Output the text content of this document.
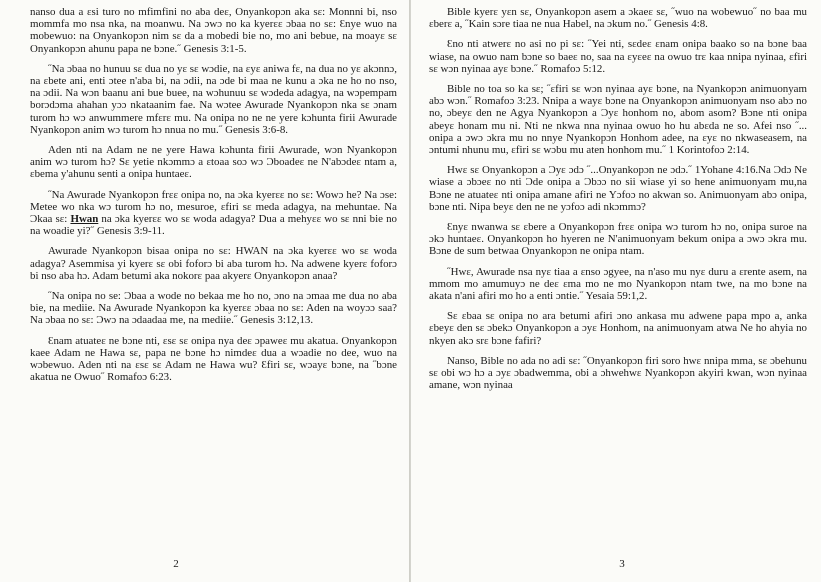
nanso dua a ɛsi turo no mfimfini no aba deɛ, Onyankopɔn aka sɛ: Monnni bi, nso mommfa mo nsa nka, na moanwu. Na ɔwɔ no ka kyerɛɛ ɔbaa no sɛ: Ɛnye wuo na mobewuo: na Onyankopɔn nim sɛ da a mobedi bie no, mo ani bebue, na moayɛ sɛ Onyankopɔn ahunu papa ne bɔne.˝ Genesis 3:1-5.

˝Na ɔbaa no hunuu sɛ dua no yɛ sɛ wɔdie, na ɛyɛ aniwa fɛ, na dua no yɛ akɔnnɔ, na ɛbete ani, enti ɔtee n'aba bi, na ɔdii, na ɔde bi maa ne kunu a ɔka ne ho no nso, na ɔdii. Na wɔn baanu ani bue buee, na wɔhunuu sɛ wɔdeda adagya, na wɔpempam borɔdɔma ahahan yɔɔ nkataanim fae. Na wɔtee Awurade Nyankopɔn nka sɛ ɔnam turom hɔ wɔ anwummere mfɛrɛ mu. Na onipa no ne ne yere kɔhunta firii Awurade Nyankopɔn anim wɔ turom hɔ nnua no mu.˝ Genesis 3:6-8.

Aden nti na Adam ne ne yere Hawa kɔhunta firii Awurade, wɔn Nyankopɔn anim wɔ turom hɔ? Sɛ yetie nkɔmmɔ a ɛtoaa soɔ wɔ Ɔboadeɛ ne N'abɔdeɛ ntam a, ɛbema y'ahunu senti a onipa huntaeɛ.

˝Na Awurade Nyankopɔn frɛɛ onipa no, na ɔka kyerɛɛ no sɛ: Wowɔ he? Na ɔse: Metee wo nka wɔ turom hɔ no, mesuroe, ɛfiri sɛ meda adagya, na mehuntae. Na Ɔkaa sɛ: Hwan na ɔka kyerɛɛ wo sɛ woda adagya? Dua a mehyɛɛ wo sɛ nni bie no na woadie yi?˝ Genesis 3:9-11.

Awurade Nyankopɔn bisaa onipa no sɛ: HWAN na ɔka kyerɛɛ wo sɛ woda adagya? Asemmisa yi kyerɛ sɛ obi foforɔ bi aba turom hɔ. Na adwene kyerɛ foforɔ bi nso aba hɔ. Adam betumi aka nokorɛ paa akyerɛ Onyankopɔn anaa?

˝Na onipa no se: Ɔbaa a wode no bekaa me ho no, ɔno na ɔmaa me dua no aba bie, na mediie. Na Awurade Nyankopɔn ka kyerɛɛ ɔbaa no sɛ: Aden na woyɔɔ saa? Na ɔbaa no sɛ: Ɔwɔ na ɔdaadaa me, na mediie.˝ Genesis 3:12,13.

Ɛnam atuateɛ ne bɔne nti, ɛsɛ sɛ onipa nya deɛ ɔpaweɛ mu akatua. Onyankopɔn kaee Adam ne Hawa sɛ, papa ne bɔne hɔ nimdeɛ dua a wɔadie no dee, wuo na wɔbewuo. Aden nti na ɛsɛ sɛ Adam ne Hawa wu? Ɛfiri sɛ, wɔayɛ bɔne, na ˝bɔne akatua ne Owuo˝ Romafoɔ 6:23.

2

Bible kyerɛ yɛn sɛ, Onyankopɔn asem a ɔkaeɛ sɛ, ˝wuo na wobewuo˝ no baa mu ɛberɛ a, ˝Kain sɔre tiaa ne nua Habel, na ɔkum no.˝ Genesis 4:8.

Ɛno nti atwerɛ no asi no pi sɛ: ˝Yei nti, sɛdeɛ ɛnam onipa baako so na bɔne baa wiase, na owuo nam bɔne so baeɛ no, saa na ɛyɛeɛ na owuo trɛ kaa nnipa nyinaa, ɛfiri sɛ wɔn nyinaa ayɛ bɔne.˝ Romafoɔ 5:12.

Bible no toa so ka sɛ; ˝ɛfiri sɛ wɔn nyinaa ayɛ bɔne, na Nyankopɔn animuonyam abɔ wɔn.˝ Romafoɔ 3:23. Nnipa a wayɛ bɔne na Onyankopɔn animuonyam nso abɔ no no, ɔbeyɛ den ne Agya Nyankopɔn a Ɔyɛ honhom no, abom asom? Bɔne nti onipa abeyɛ honam mu ni. Nti ne nkwa nna nyinaa owuo ho hu abɛda ne so. Afei nso ˝... onipa a ɔwɔ ɔkra mu no nnye Nyankopɔn Honhom adee, na ɛyɛ no nkwaseasem, na ɔntumi nhunu mu, ɛfiri sɛ wɔbu mu aten honhom mu.˝ 1 Korintofoɔ 2:14.

Hwɛ sɛ Onyankopɔn a Ɔyɛ ɔdɔ ˝...Onyankopɔn ne ɔdɔ.˝ 1Yohane 4:16.Na Ɔdɔ Ne wiase a ɔbɔeɛ no nti Ɔde onipa a Ɔbɔɔ no sii wiase yi so hene animuonyam mu,na Bɔne ne atuateɛ nti onipa amane afiri ne Yɔfoɔ no akwan so. Animuonyam abɔ onipa, bɔne nti. Nipa beyɛ den ne ne yɔfoɔ adi nkɔmmɔ?

Ɛnyɛ nwanwa sɛ ɛbere a Onyankopɔn frɛɛ onipa wɔ turom hɔ no, onipa suroe na ɔkɔ huntaeɛ. Onyankopɔn ho hyeren ne N'animuonyam bekum onipa a ɔwɔ ɔkra mu. Bɔne de sum betwaa Onyankopɔn ne onipa ntam.

˝Hwɛ, Awurade nsa nyɛ tiaa a ɛnso ɔgyee, na n'aso mu nyɛ duru a ɛrente asem, na mmom mo amumuyɔ ne deɛ ɛma mo ne mo Nyankopɔn ntam twe, na mo bɔne na akata n'ani afiri mo ho a enti ɔntie.˝ Yesaia 59:1,2.

Sɛ ɛbaa sɛ onipa no ara betumi afiri ɔno ankasa mu adwene papa mpo a, anka ɛbeyɛ den sɛ ɔbekɔ Onyankopɔn a ɔyɛ Honhom, na animuonyam atwa Ne ho ahyia no nkyen akɔ srɛ bɔne fafiri?

Nanso, Bible no ada no adi sɛ: ˝Onyankopɔn firi soro hwɛ nnipa mma, sɛ ɔbehunu sɛ obi wɔ hɔ a ɔyɛ ɔbadwemma, obi a ɔhwehwɛ Nyankopɔn akyiri kwan, wɔn nyinaa amane, wɔn nyinaa

3
